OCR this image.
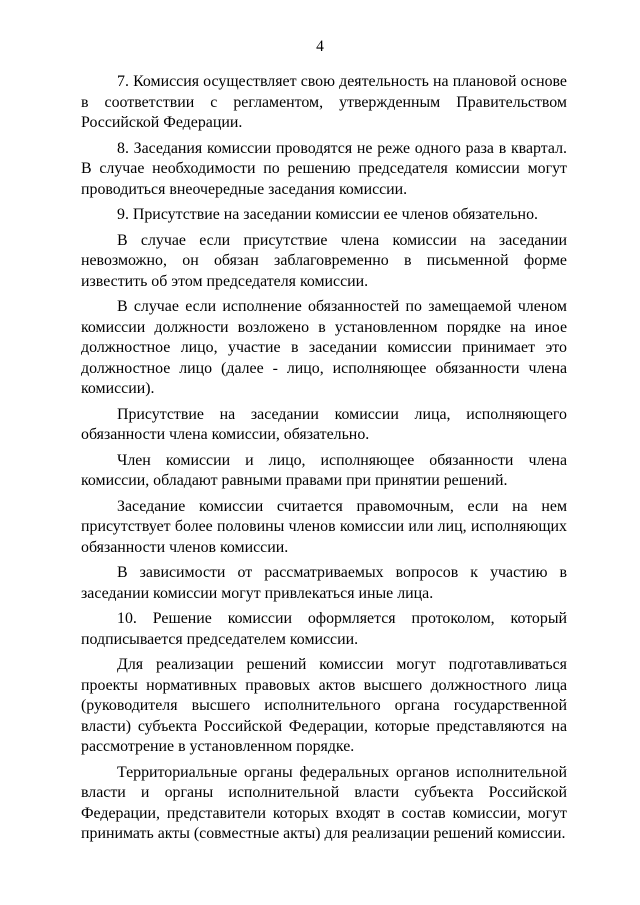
4

7. Комиссия осуществляет свою деятельность на плановой основе в соответствии с регламентом, утвержденным Правительством Российской Федерации.

8. Заседания комиссии проводятся не реже одного раза в квартал. В случае необходимости по решению председателя комиссии могут проводиться внеочередные заседания комиссии.

9. Присутствие на заседании комиссии ее членов обязательно.

В случае если присутствие члена комиссии на заседании невозможно, он обязан заблаговременно в письменной форме известить об этом председателя комиссии.

В случае если исполнение обязанностей по замещаемой членом комиссии должности возложено в установленном порядке на иное должностное лицо, участие в заседании комиссии принимает это должностное лицо (далее - лицо, исполняющее обязанности члена комиссии).

Присутствие на заседании комиссии лица, исполняющего обязанности члена комиссии, обязательно.

Член комиссии и лицо, исполняющее обязанности члена комиссии, обладают равными правами при принятии решений.

Заседание комиссии считается правомочным, если на нем присутствует более половины членов комиссии или лиц, исполняющих обязанности членов комиссии.

В зависимости от рассматриваемых вопросов к участию в заседании комиссии могут привлекаться иные лица.

10. Решение комиссии оформляется протоколом, который подписывается председателем комиссии.

Для реализации решений комиссии могут подготавливаться проекты нормативных правовых актов высшего должностного лица (руководителя высшего исполнительного органа государственной власти) субъекта Российской Федерации, которые представляются на рассмотрение в установленном порядке.

Территориальные органы федеральных органов исполнительной власти и органы исполнительной власти субъекта Российской Федерации, представители которых входят в состав комиссии, могут принимать акты (совместные акты) для реализации решений комиссии.
